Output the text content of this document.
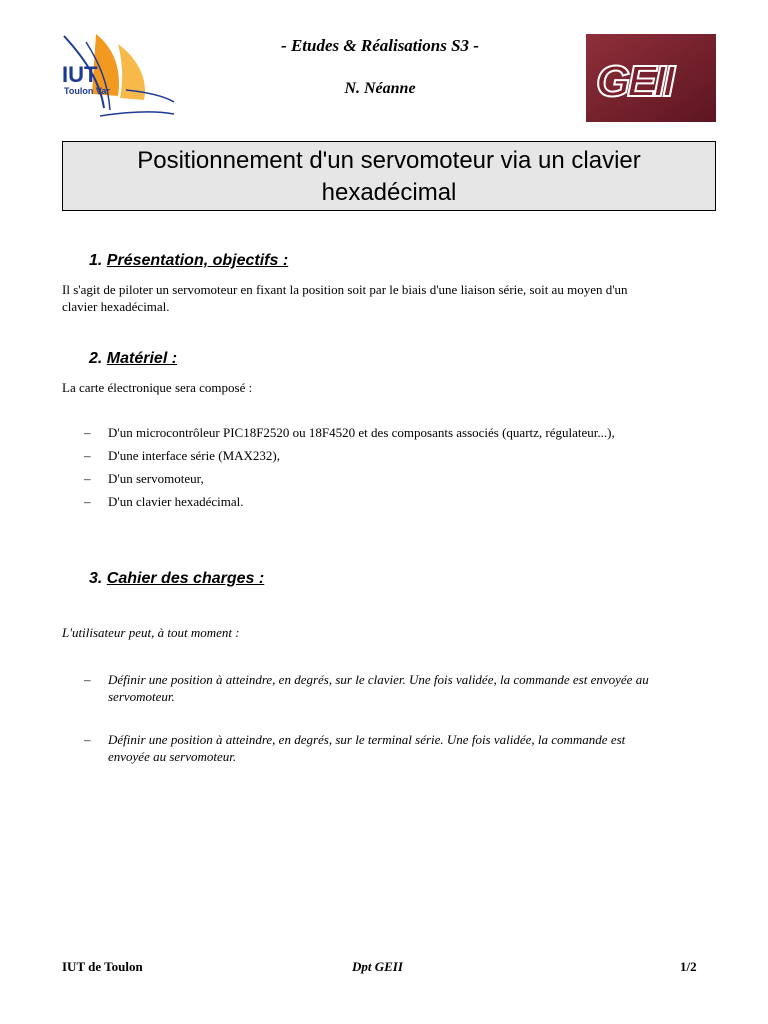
IUT
Toulon Var
- Etudes & Réalisations S3 -
N. Néanne	GEII
Positionnement d'un servomoteur via un clavier
hexadécimal
1. Présentation, objectifs :
Il s'agit de piloter un servomoteur en fixant la position soit par le biais d'une liaison série, soit au moyen d'un
clavier hexadécimal.
2. Matériel :
La carte électronique sera composé :
– D'un microcontrôleur PIC18F2520 ou 18F4520 et des composants associés (quartz, régulateur...),
– D'une interface série (MAX232),
– D'un servomoteur,
– D'un clavier hexadécimal.
3. Cahier des charges :
L'utilisateur peut, à tout moment :
– Définir une position à atteindre, en degrés, sur le clavier. Une fois validée, la commande est envoyée au
servomoteur.
– Définir une position à atteindre, en degrés, sur le terminal série. Une fois validée, la commande est
envoyée au servomoteur.
IUT de Toulon	Dpt GEII	1/2
